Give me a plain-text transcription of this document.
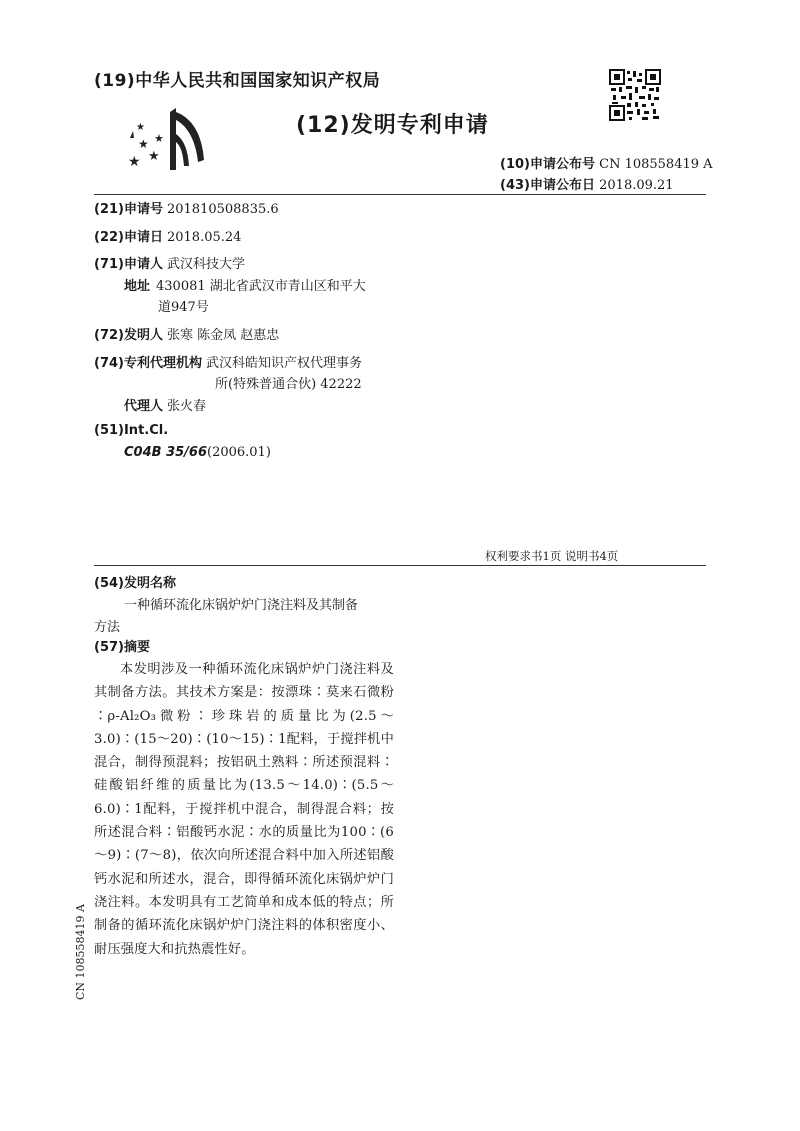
(19)中华人民共和国国家知识产权局
★
★
★
★
★
(12)发明专利申请
(10)申请公布号 CN 108558419 A
(43)申请公布日 2018.09.21
(21)申请号 201810508835.6
(22)申请日 2018.05.24
(71)申请人 武汉科技大学
地址 430081 湖北省武汉市青山区和平大
道947号
(72)发明人 张寒 陈金凤 赵惠忠
(74)专利代理机构 武汉科皓知识产权代理事务
所(特殊普通合伙) 42222
代理人 张火春
(51)Int.Cl.
C04B 35/66(2006.01)
权利要求书1页 说明书4页
(54)发明名称
一种循环流化床锅炉炉门浇注料及其制备
方法
(57)摘要
本发明涉及一种循环流化床锅炉炉门浇注料及其制备方法。其技术方案是：按漂珠∶莫来石微粉∶ρ-Al₂O₃微粉∶珍珠岩的质量比为(2.5～3.0)∶(15～20)∶(10～15)∶1配料，于搅拌机中混合，制得预混料；按铝矾土熟料∶所述预混料∶硅酸铝纤维的质量比为(13.5～14.0)∶(5.5～6.0)∶1配料，于搅拌机中混合，制得混合料；按所述混合料∶铝酸钙水泥∶水的质量比为100∶(6～9)∶(7～8)，依次向所述混合料中加入所述铝酸钙水泥和所述水，混合，即得循环流化床锅炉炉门浇注料。本发明具有工艺简单和成本低的特点；所制备的循环流化床锅炉炉门浇注料的体积密度小、耐压强度大和抗热震性好。
CN 108558419 A
